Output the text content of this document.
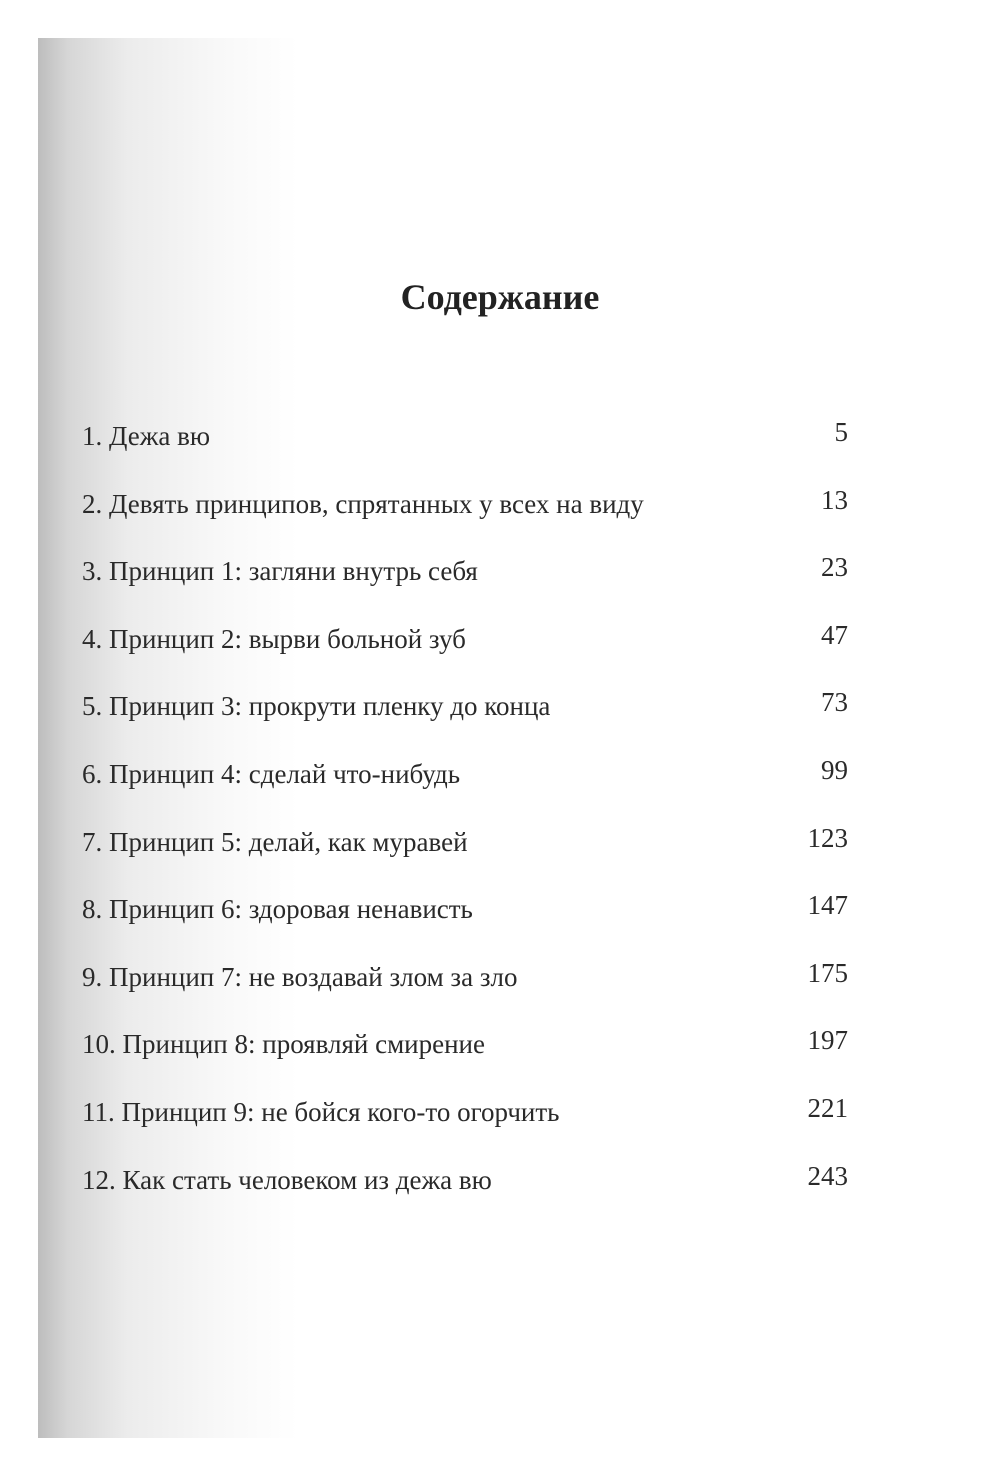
Содержание
1. Дежа вю	5
2. Девять принципов, спрятанных у всех на виду	13
3. Принцип 1: загляни внутрь себя	23
4. Принцип 2: вырви больной зуб	47
5. Принцип 3: прокрути пленку до конца	73
6. Принцип 4: сделай что-нибудь	99
7. Принцип 5: делай, как муравей	123
8. Принцип 6: здоровая ненависть	147
9. Принцип 7: не воздавай злом за зло	175
10. Принцип 8: проявляй смирение	197
11. Принцип 9: не бойся кого-то огорчить	221
12. Как стать человеком из дежа вю	243
